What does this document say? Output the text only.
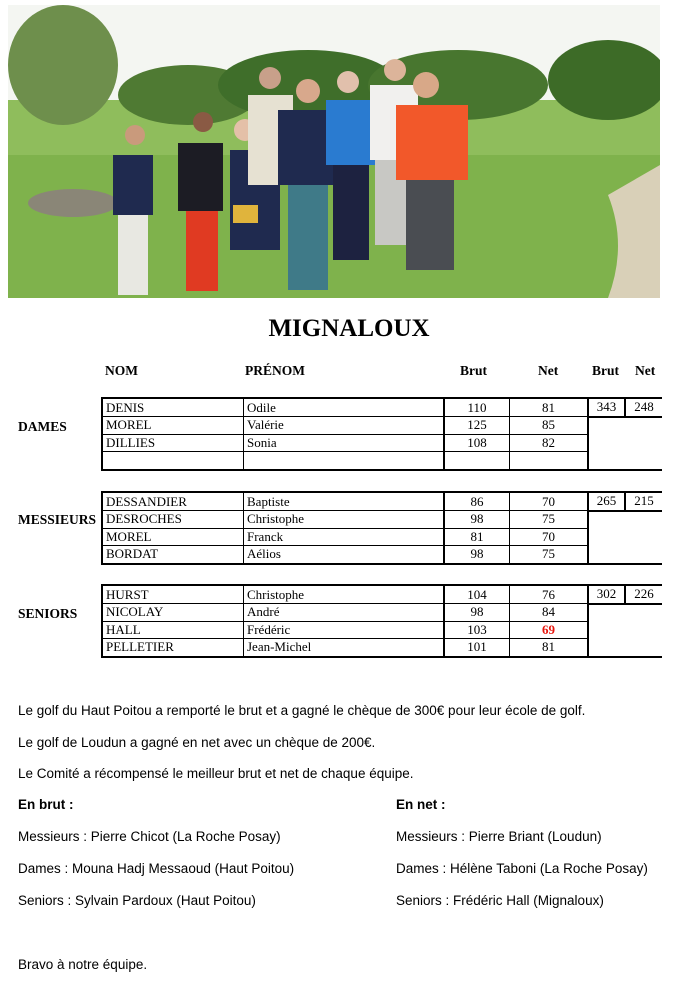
MIGNALOUX
NOM	PRÉNOM	Brut	Net	Brut Net
DAMES
DENIS	Odile	110	81	343	248
MOREL	Valérie	125	85		
DILLIES	Sonia	108	82		

MESSIEURS
DESSANDIER	Baptiste	86	70	265	215
DESROCHES	Christophe	98	75		
MOREL	Franck	81	70		
BORDAT	Aélios	98	75		
SENIORS
HURST	Christophe	104	76	302	226
NICOLAY	André	98	84		
HALL	Frédéric	103	69		
PELLETIER	Jean-Michel	101	81		
Le golf du Haut Poitou a remporté le brut et a gagné le chèque de 300€ pour leur école de golf.
Le golf de Loudun a gagné en net avec un chèque de 200€.
Le Comité a récompensé le meilleur brut et net de chaque équipe.
En brut :
Messieurs : Pierre Chicot (La Roche Posay)
Dames : Mouna Hadj Messaoud (Haut Poitou)
Seniors : Sylvain Pardoux (Haut Poitou)
En net :
Messieurs : Pierre Briant (Loudun)
Dames : Hélène Taboni (La Roche Posay)
Seniors : Frédéric Hall (Mignaloux)
Bravo à notre équipe.
